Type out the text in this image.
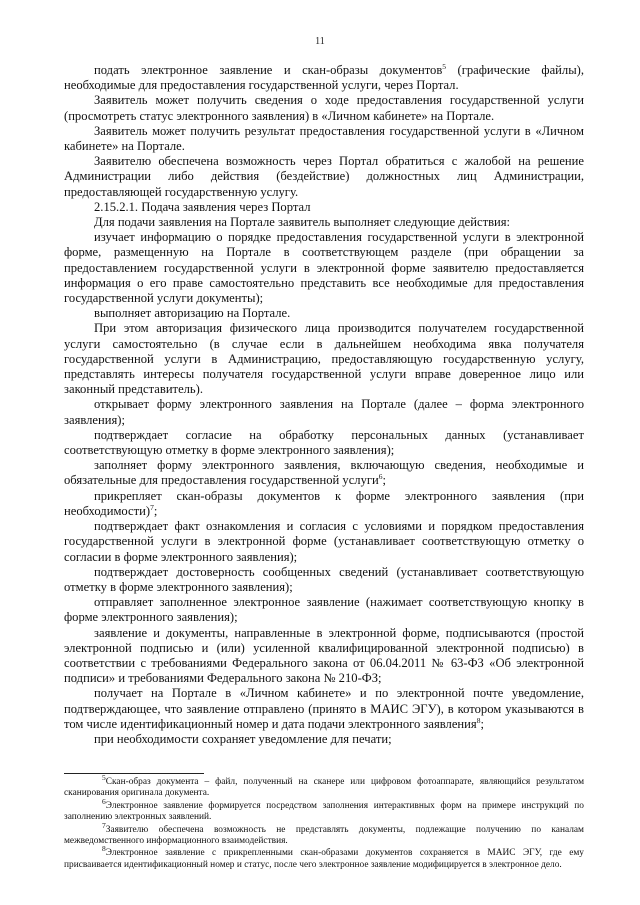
11

подать электронное заявление и скан-образы документов$^5$ (графические файлы), необходимые для предоставления государственной услуги, через Портал.

Заявитель может получить сведения о ходе предоставления государственной услуги (просмотреть статус электронного заявления) в «Личном кабинете» на Портале.

Заявитель может получить результат предоставления государственной услуги в «Личном кабинете» на Портале.

Заявителю обеспечена возможность через Портал обратиться с жалобой на решение Администрации либо действия (бездействие) должностных лиц Администрации, предоставляющей государственную услугу.

2.15.2.1. Подача заявления через Портал

Для подачи заявления на Портале заявитель выполняет следующие действия:

изучает информацию о порядке предоставления государственной услуги в электронной форме, размещенную на Портале в соответствующем разделе (при обращении за предоставлением государственной услуги в электронной форме заявителю предоставляется информация о его праве самостоятельно представить все необходимые для предоставления государственной услуги документы);

выполняет авторизацию на Портале.

При этом авторизация физического лица производится получателем государственной услуги самостоятельно (в случае если в дальнейшем необходима явка получателя государственной услуги в Администрацию, предоставляющую государственную услугу, представлять интересы получателя государственной услуги вправе доверенное лицо или законный представитель).

открывает форму электронного заявления на Портале (далее – форма электронного заявления);

подтверждает согласие на обработку персональных данных (устанавливает соответствующую отметку в форме электронного заявления);

заполняет форму электронного заявления, включающую сведения, необходимые и обязательные для предоставления государственной услуги$^6$;

прикрепляет скан-образы документов к форме электронного заявления (при необходимости)$^7$;

подтверждает факт ознакомления и согласия с условиями и порядком предоставления государственной услуги в электронной форме (устанавливает соответствующую отметку о согласии в форме электронного заявления);

подтверждает достоверность сообщенных сведений (устанавливает соответствующую отметку в форме электронного заявления);

отправляет заполненное электронное заявление (нажимает соответствующую кнопку в форме электронного заявления);

заявление и документы, направленные в электронной форме, подписываются (простой электронной подписью и (или) усиленной квалифицированной электронной подписью) в соответствии с требованиями Федерального закона от 06.04.2011 № 63-ФЗ «Об электронной подписи» и требованиями Федерального закона № 210-ФЗ;

получает на Портале в «Личном кабинете» и по электронной почте уведомление, подтверждающее, что заявление отправлено (принято в МАИС ЭГУ), в котором указываются в том числе идентификационный номер и дата подачи электронного заявления$^8$;

при необходимости сохраняет уведомление для печати;

$^5$Скан-образ документа – файл, полученный на сканере или цифровом фотоаппарате, являющийся результатом сканирования оригинала документа.

$^6$Электронное заявление формируется посредством заполнения интерактивных форм на примере инструкций по заполнению электронных заявлений.

$^7$Заявителю обеспечена возможность не представлять документы, подлежащие получению по каналам межведомственного информационного взаимодействия.

$^8$Электронное заявление с прикрепленными скан-образами документов сохраняется в МАИС ЭГУ, где ему присваивается идентификационный номер и статус, после чего электронное заявление модифицируется в электронное дело.
